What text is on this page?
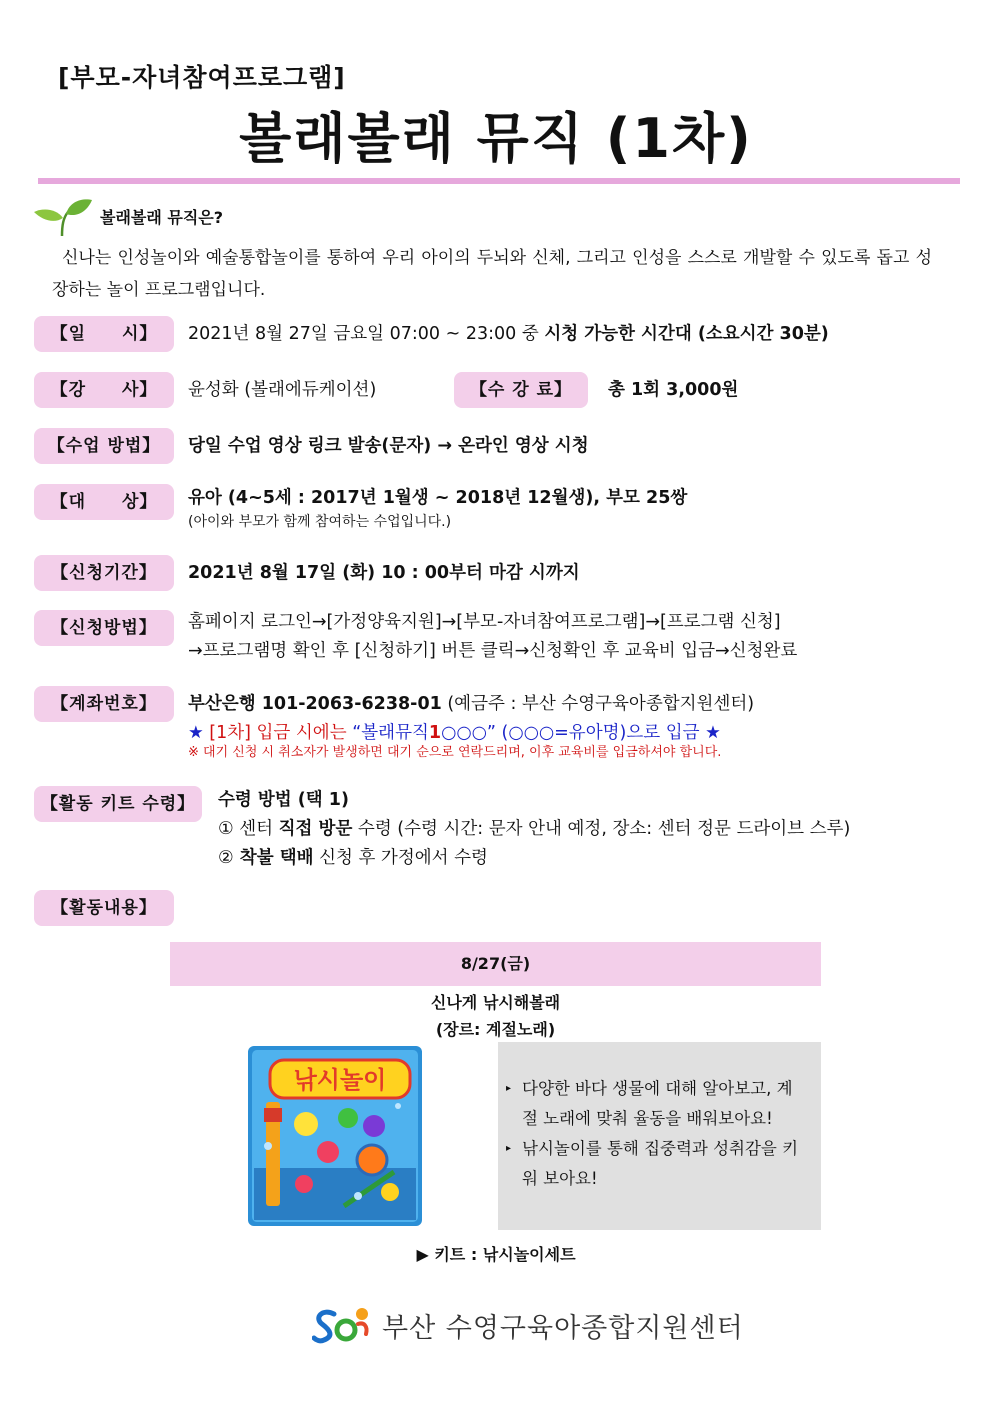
[부모-자녀참여프로그램]
볼래볼래 뮤직 (1차)
볼래볼래 뮤직은?
신나는 인성놀이와 예술통합놀이를 통하여 우리 아이의 두뇌와 신체, 그리고 인성을 스스로 개발할 수 있도록 돕고 성장하는 놀이 프로그램입니다.
【일　　시】	2021년 8월 27일 금요일 07:00 ~ 23:00 중 시청 가능한 시간대 (소요시간 30분)
【강　　사】	윤성화 (볼래에듀케이션)	【수 강 료】	총 1회 3,000원
【수업 방법】	당일 수업 영상 링크 발송(문자) → 온라인 영상 시청
【대　　상】	유아 (4~5세 : 2017년 1월생 ~ 2018년 12월생), 부모 25쌍
(아이와 부모가 함께 참여하는 수업입니다.)
【신청기간】	2021년 8월 17일 (화) 10 : 00부터 마감 시까지
【신청방법】	홈페이지 로그인→[가정양육지원]→[부모-자녀참여프로그램]→[프로그램 신청]
→프로그램명 확인 후 [신청하기] 버튼 클릭→신청확인 후 교육비 입금→신청완료
【계좌번호】	부산은행 101-2063-6238-01 (예금주 : 부산 수영구육아종합지원센터)
★ [1차] 입금 시에는 “볼래뮤직1○○○” (○○○=유아명)으로 입금 ★
※ 대기 신청 시 취소자가 발생하면 대기 순으로 연락드리며, 이후 교육비를 입금하셔야 합니다.
【활동 키트 수령】	수령 방법 (택 1)
① 센터 직접 방문 수령 (수령 시간: 문자 안내 예정, 장소: 센터 정문 드라이브 스루)
② 착불 택배 신청 후 가정에서 수령
【활동내용】
8/27(금)
신나게 낚시해볼래
(장르: 계절노래)
낚시놀이	▸ 다양한 바다 생물에 대해 알아보고, 계절 노래에 맞춰 율동을 배워보아요!
▸ 낚시놀이를 통해 집중력과 성취감을 키워 보아요!
▶ 키트 : 낚시놀이세트
부산 수영구육아종합지원센터
